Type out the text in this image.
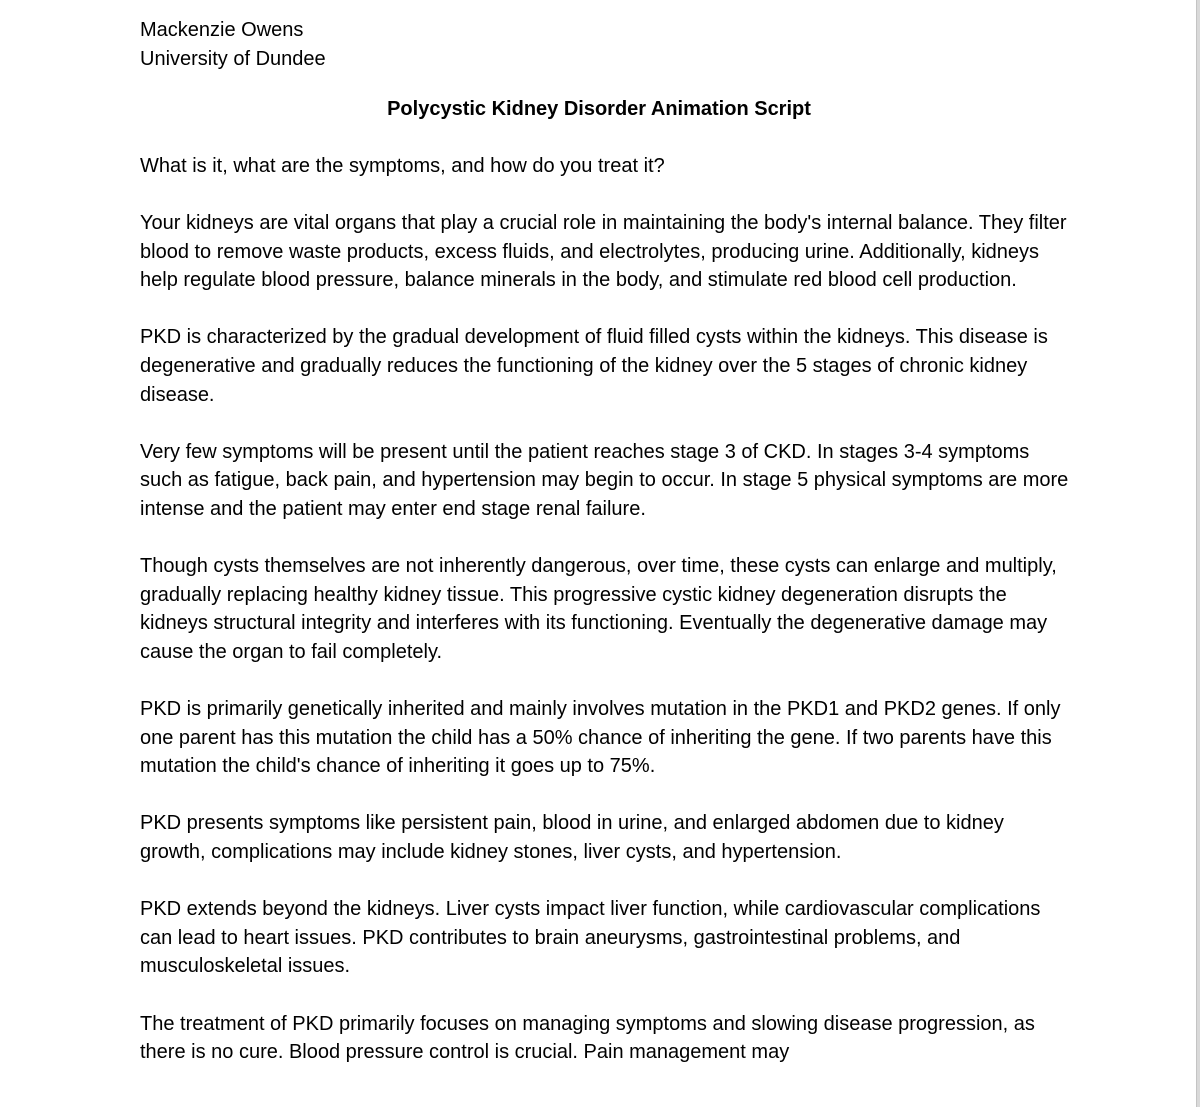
Mackenzie Owens

University of Dundee

Polycystic Kidney Disorder Animation Script

What is it, what are the symptoms, and how do you treat it?

Your kidneys are vital organs that play a crucial role in maintaining the body's internal balance. They filter blood to remove waste products, excess fluids, and electrolytes, producing urine. Additionally, kidneys help regulate blood pressure, balance minerals in the body, and stimulate red blood cell production.

PKD is characterized by the gradual development of fluid filled cysts within the kidneys. This disease is degenerative and gradually reduces the functioning of the kidney over the 5 stages of chronic kidney disease.

Very few symptoms will be present until the patient reaches stage 3 of CKD. In stages 3-4 symptoms such as fatigue, back pain, and hypertension may begin to occur. In stage 5 physical symptoms are more intense and the patient may enter end stage renal failure.

Though cysts themselves are not inherently dangerous, over time, these cysts can enlarge and multiply, gradually replacing healthy kidney tissue. This progressive cystic kidney degeneration disrupts the kidneys structural integrity and interferes with its functioning. Eventually the degenerative damage may cause the organ to fail completely.

PKD is primarily genetically inherited and mainly involves mutation in the PKD1 and PKD2 genes. If only one parent has this mutation the child has a 50% chance of inheriting the gene. If two parents have this mutation the child's chance of inheriting it goes up to 75%.

PKD presents symptoms like persistent pain, blood in urine, and enlarged abdomen due to kidney growth, complications may include kidney stones, liver cysts, and hypertension.

PKD extends beyond the kidneys. Liver cysts impact liver function, while cardiovascular complications can lead to heart issues. PKD contributes to brain aneurysms, gastrointestinal problems, and musculoskeletal issues.

The treatment of PKD primarily focuses on managing symptoms and slowing disease progression, as there is no cure. Blood pressure control is crucial. Pain management may
